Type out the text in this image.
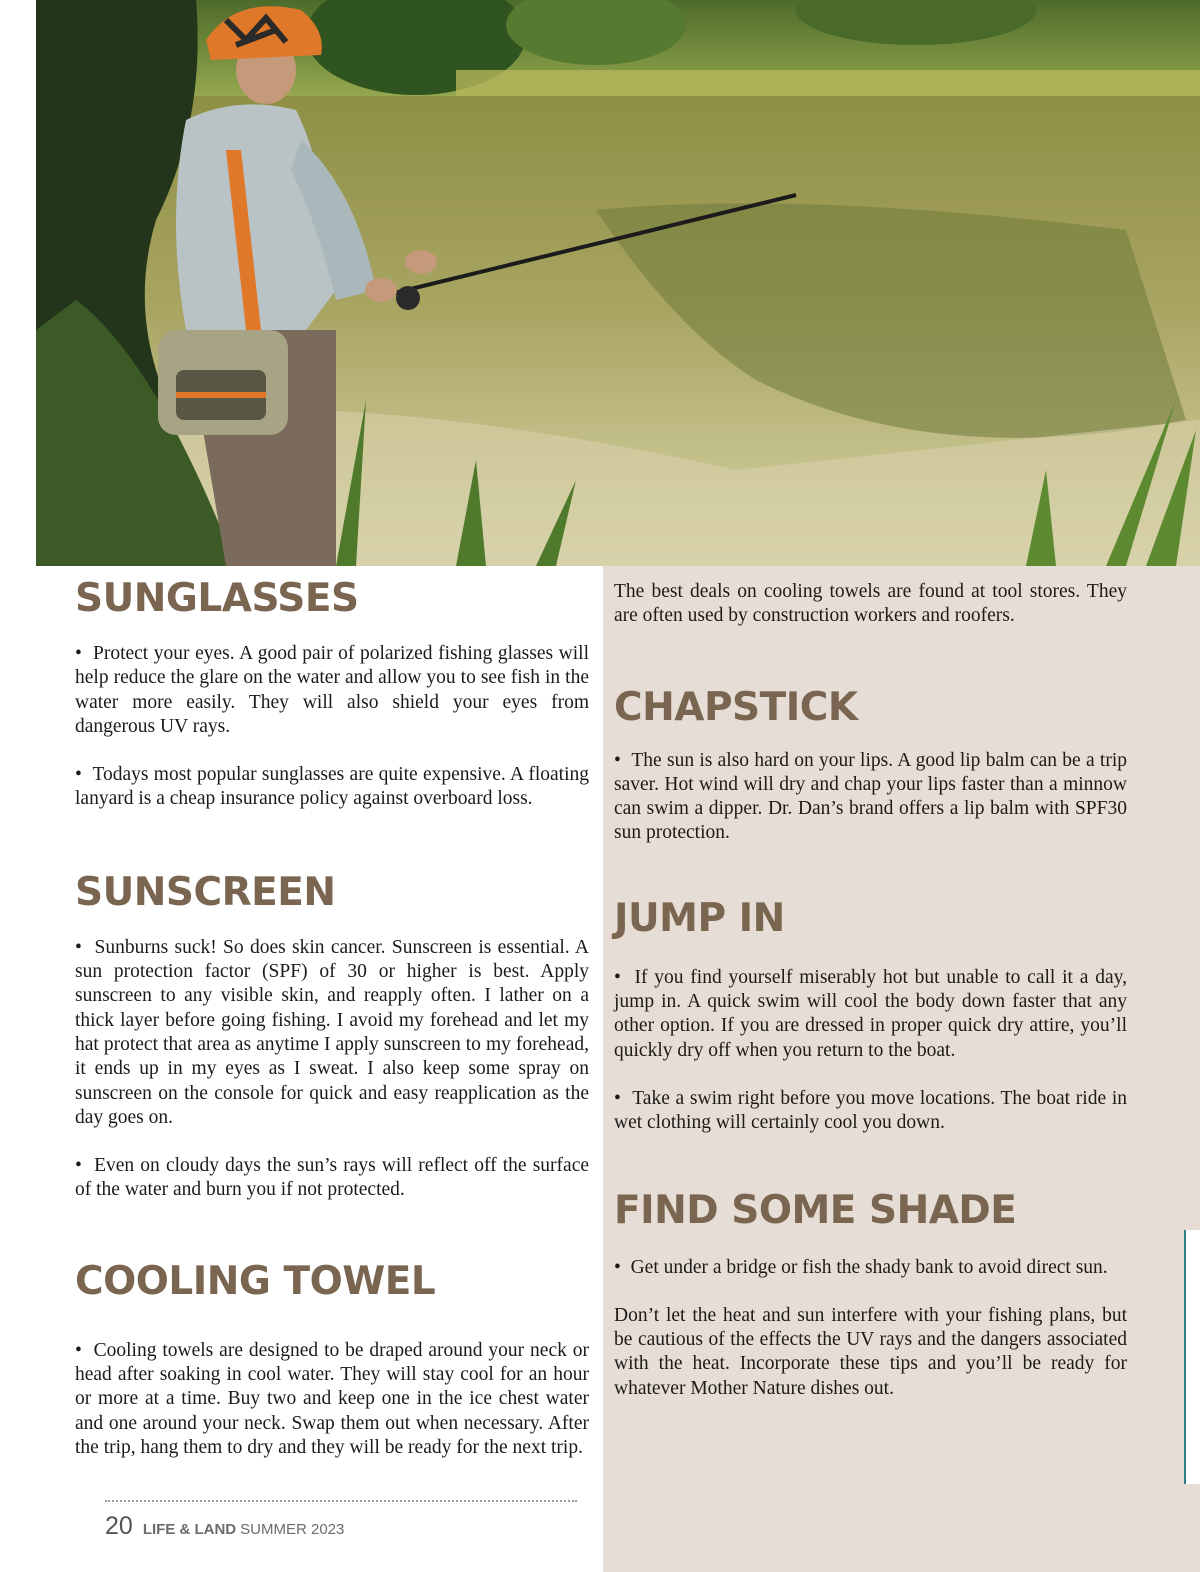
SUNGLASSES

•  Protect your eyes. A good pair of polarized fishing glasses will help reduce the glare on the water and allow you to see fish in the water more easily. They will also shield your eyes from dangerous UV rays.

•  Todays most popular sunglasses are quite expensive. A floating lanyard is a cheap insurance policy against overboard loss.

SUNSCREEN

•  Sunburns suck! So does skin cancer. Sunscreen is essential. A sun protection factor (SPF) of 30 or higher is best. Apply sunscreen to any visible skin, and reapply often. I lather on a thick layer before going fishing. I avoid my forehead and let my hat protect that area as anytime I apply sunscreen to my forehead, it ends up in my eyes as I sweat. I also keep some spray on sunscreen on the console for quick and easy reapplication as the day goes on.

•  Even on cloudy days the sun’s rays will reflect off the surface of the water and burn you if not protected.

COOLING TOWEL

•  Cooling towels are designed to be draped around your neck or head after soaking in cool water. They will stay cool for an hour or more at a time. Buy two and keep one in the ice chest water and one around your neck. Swap them out when necessary. After the trip, hang them to dry and they will be ready for the next trip.

The best deals on cooling towels are found at tool stores. They are often used by construction workers and roofers.

CHAPSTICK

•  The sun is also hard on your lips. A good lip balm can be a trip saver. Hot wind will dry and chap your lips faster than a minnow can swim a dipper. Dr. Dan’s brand offers a lip balm with SPF30 sun protection.

JUMP IN

•  If you find yourself miserably hot but unable to call it a day, jump in. A quick swim will cool the body down faster that any other option. If you are dressed in proper quick dry attire, you’ll quickly dry off when you return to the boat.

•  Take a swim right before you move locations. The boat ride in wet clothing will certainly cool you down.

FIND SOME SHADE

•  Get under a bridge or fish the shady bank to avoid direct sun.

Don’t let the heat and sun interfere with your fishing plans, but be cautious of the effects the UV rays and the dangers associated with the heat. Incorporate these tips and you’ll be ready for whatever Mother Nature dishes out.

20 LIFE & LAND SUMMER 2023
